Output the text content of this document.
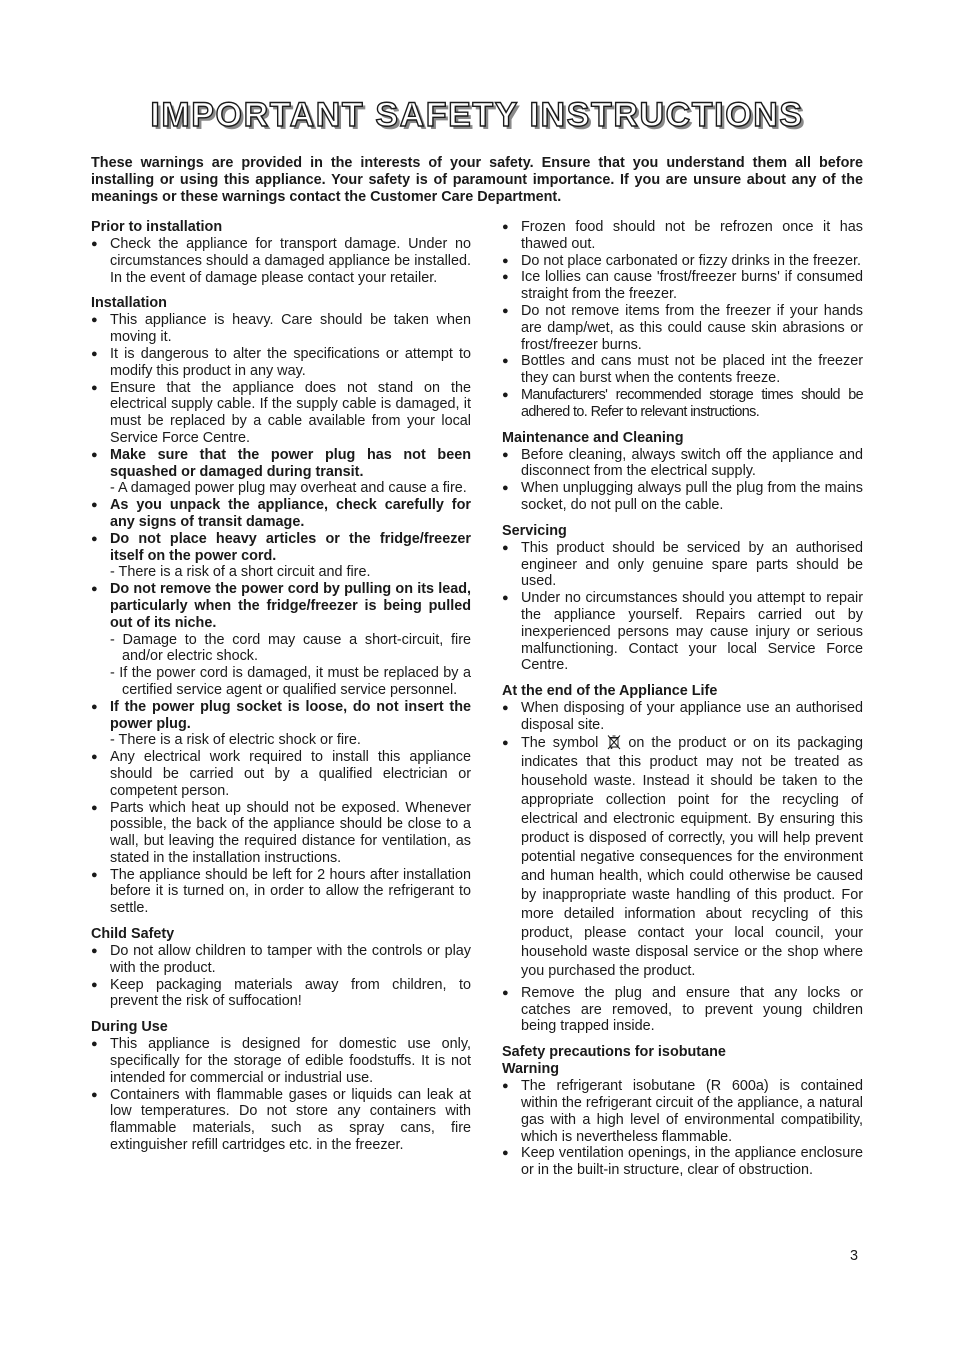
IMPORTANT SAFETY INSTRUCTIONS

These warnings are provided in the interests of your safety. Ensure that you understand them all before installing or using this appliance. Your safety is of paramount importance. If you are unsure about any of the meanings or these warnings contact the Customer Care Department.

Prior to installation

● Check the appliance for transport damage. Under no circumstances should a damaged appliance be installed. In the event of damage please contact your retailer.

Installation

● This appliance is heavy. Care should be taken when moving it.
● It is dangerous to alter the specifications or attempt to modify this product in any way.
● Ensure that the appliance does not stand on the electrical supply cable. If the supply cable is damaged, it must be replaced by a cable available from your local Service Force Centre.
● Make sure that the power plug has not been squashed or damaged during transit.
- A damaged power plug may overheat and cause a fire.
● As you unpack the appliance, check carefully for any signs of transit damage.
● Do not place heavy articles or the fridge/freezer itself on the power cord.
- There is a risk of a short circuit and fire.
● Do not remove the power cord by pulling on its lead, particularly when the fridge/freezer is being pulled out of its niche.
- Damage to the cord may cause a short-circuit, fire and/or electric shock.
- If the power cord is damaged, it must be replaced by a certified service agent or qualified service personnel.
● If the power plug socket is loose, do not insert the power plug.
- There is a risk of electric shock or fire.
● Any electrical work required to install this appliance should be carried out by a qualified electrician or competent person.
● Parts which heat up should not be exposed. Whenever possible, the back of the appliance should be close to a wall, but leaving the required distance for ventilation, as stated in the installation instructions.
● The appliance should be left for 2 hours after installation before it is turned on, in order to allow the refrigerant to settle.

Child Safety

● Do not allow children to tamper with the controls or play with the product.
● Keep packaging materials away from children, to prevent the risk of suffocation!

During Use

● This appliance is designed for domestic use only, specifically for the storage of edible foodstuffs. It is not intended for commercial or industrial use.
● Containers with flammable gases or liquids can leak at low temperatures. Do not store any containers with flammable materials, such as spray cans, fire extinguisher refill cartridges etc. in the freezer.
● Frozen food should not be refrozen once it has thawed out.
● Do not place carbonated or fizzy drinks in the freezer.
● Ice lollies can cause 'frost/freezer burns' if consumed straight from the freezer.
● Do not remove items from the freezer if your hands are damp/wet, as this could cause skin abrasions or frost/freezer burns.
● Bottles and cans must not be placed int the freezer they can burst when the contents freeze.
● Manufacturers' recommended storage times should be adhered to. Refer to relevant instructions.

Maintenance and Cleaning

● Before cleaning, always switch off the appliance and disconnect from the electrical supply.
● When unplugging always pull the plug from the mains socket, do not pull on the cable.

Servicing

● This product should be serviced by an authorised engineer and only genuine spare parts should be used.
● Under no circumstances should you attempt to repair the appliance yourself. Repairs carried out by inexperienced persons may cause injury or serious malfunctioning. Contact your local Service Force Centre.

At the end of the Appliance Life

● When disposing of your appliance use an authorised disposal site.
● The symbol on the product or on its packaging indicates that this product may not be treated as household waste. Instead it should be taken to the appropriate collection point for the recycling of electrical and electronic equipment. By ensuring this product is disposed of correctly, you will help prevent potential negative consequences for the environment and human health, which could otherwise be caused by inappropriate waste handling of this product. For more detailed information about recycling of this product, please contact your local council, your household waste disposal service or the shop where you purchased the product.
● Remove the plug and ensure that any locks or catches are removed, to prevent young children being trapped inside.

Safety precautions for isobutane

Warning

● The refrigerant isobutane (R 600a) is contained within the refrigerant circuit of the appliance, a natural gas with a high level of environmental compatibility, which is nevertheless flammable.
● Keep ventilation openings, in the appliance enclosure or in the built-in structure, clear of obstruction.
3
